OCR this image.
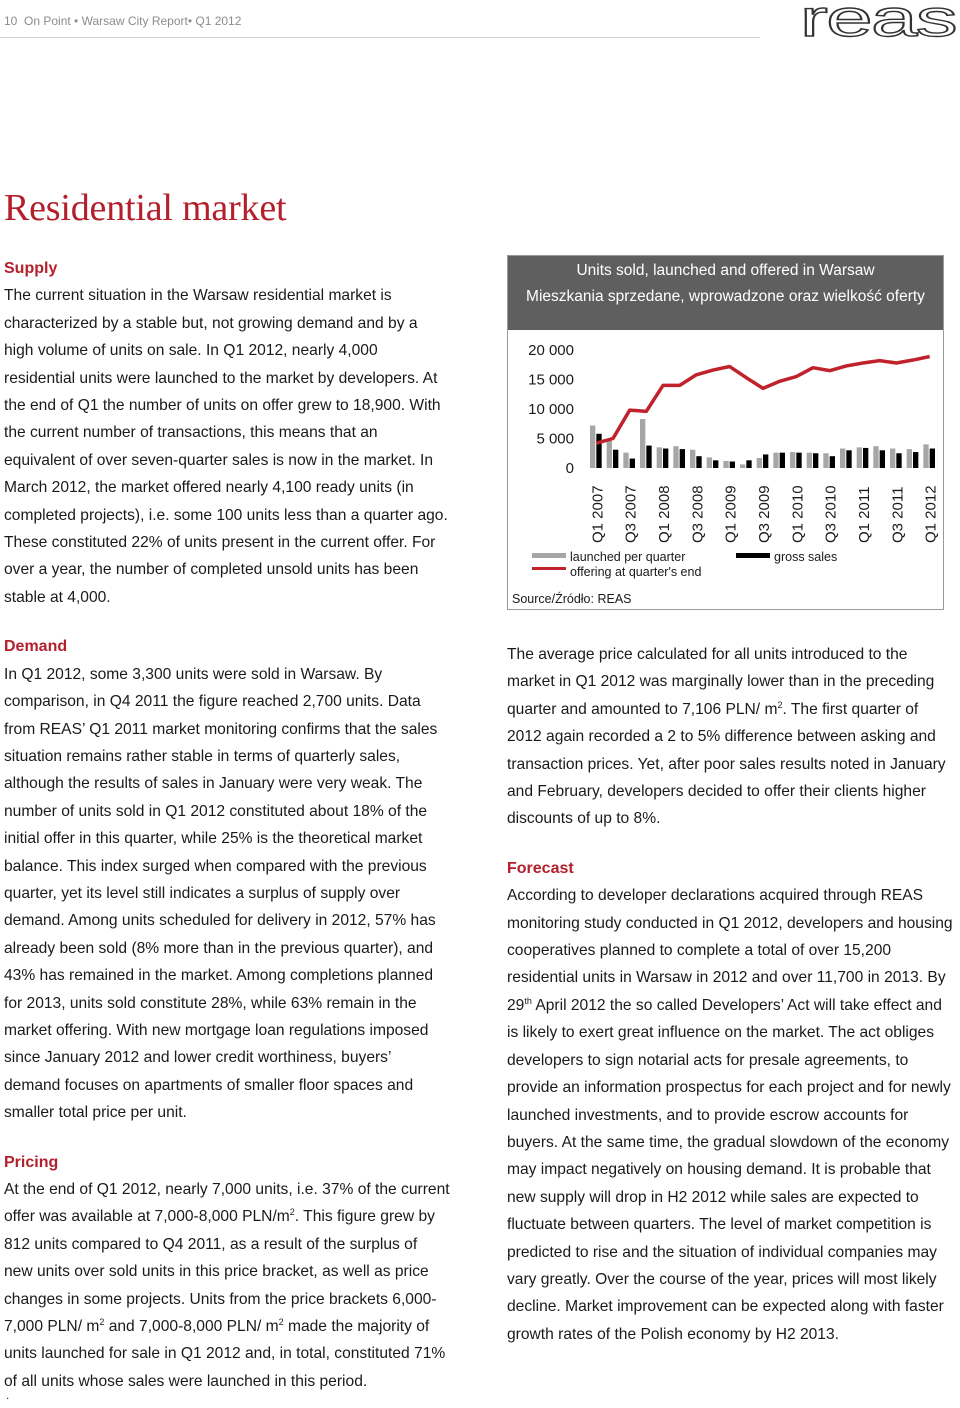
10 On Point • Warsaw City Report• Q1 2012	reas
Residential market
Supply
The current situation in the Warsaw residential market is characterized by a stable but, not growing demand and by a high volume of units on sale. In Q1 2012, nearly 4,000 residential units were launched to the market by developers. At the end of Q1 the number of units on offer grew to 18,900. With the current number of transactions, this means that an equivalent of over seven-quarter sales is now in the market. In March 2012, the market offered nearly 4,100 ready units (in completed projects), i.e. some 100 units less than a quarter ago. These constituted 22% of units present in the current offer. For over a year, the number of completed unsold units has been stable at 4,000.
Demand
In Q1 2012, some 3,300 units were sold in Warsaw. By comparison, in Q4 2011 the figure reached 2,700 units. Data from REAS’ Q1 2011 market monitoring confirms that the sales situation remains rather stable in terms of quarterly sales, although the results of sales in January were very weak. The number of units sold in Q1 2012 constituted about 18% of the initial offer in this quarter, while 25% is the theoretical market balance. This index surged when compared with the previous quarter, yet its level still indicates a surplus of supply over demand. Among units scheduled for delivery in 2012, 57% has already been sold (8% more than in the previous quarter), and 43% has remained in the market. Among completions planned for 2013, units sold constitute 28%, while 63% remain in the market offering. With new mortgage loan regulations imposed since January 2012 and lower credit worthiness, buyers’ demand focuses on apartments of smaller floor spaces and smaller total price per unit.
Pricing
At the end of Q1 2012, nearly 7,000 units, i.e. 37% of the current offer was available at 7,000-8,000 PLN/$m^2$. This figure grew by 812 units compared to Q4 2011, as a result of the surplus of new units over sold units in this price bracket, as well as price changes in some projects. Units from the price brackets 6,000-7,000 PLN/ $m^2$ and 7,000-8,000 PLN/ $m^2$ made the majority of units launched for sale in Q1 2012 and, in total, constituted 71% of all units whose sales were launched in this period.
Units sold, launched and offered in Warsaw
Mieszkania sprzedane, wprowadzone oraz wielkość oferty
0
5 000
10 000
15 000
20 000
Q1 2007 Q3 2007 Q1 2008 Q3 2008 Q1 2009 Q3 2009 Q1 2010 Q3 2010 Q1 2011 Q3 2011 Q1 2012
launched per quarter
offering at quarter's end
gross sales
Source/Źródło: REAS
The average price calculated for all units introduced to the market in Q1 2012 was marginally lower than in the preceding quarter and amounted to 7,106 PLN/ $m^2$. The first quarter of 2012 again recorded a 2 to 5% difference between asking and transaction prices. Yet, after poor sales results noted in January and February, developers decided to offer their clients higher discounts of up to 8%.
Forecast
According to developer declarations acquired through REAS monitoring study conducted in Q1 2012, developers and housing cooperatives planned to complete a total of over 15,200 residential units in Warsaw in 2012 and over 11,700 in 2013. By 29th April 2012 the so called Developers’ Act will take effect and is likely to exert great influence on the market. The act obliges developers to sign notarial acts for presale agreements, to provide an information prospectus for each project and for newly launched investments, and to provide escrow accounts for buyers. At the same time, the gradual slowdown of the economy may impact negatively on housing demand. It is probable that new supply will drop in H2 2012 while sales are expected to fluctuate between quarters. The level of market competition is predicted to rise and the situation of individual companies may vary greatly. Over the course of the year, prices will most likely decline. Market improvement can be expected along with faster growth rates of the Polish economy by H2 2013.
.
